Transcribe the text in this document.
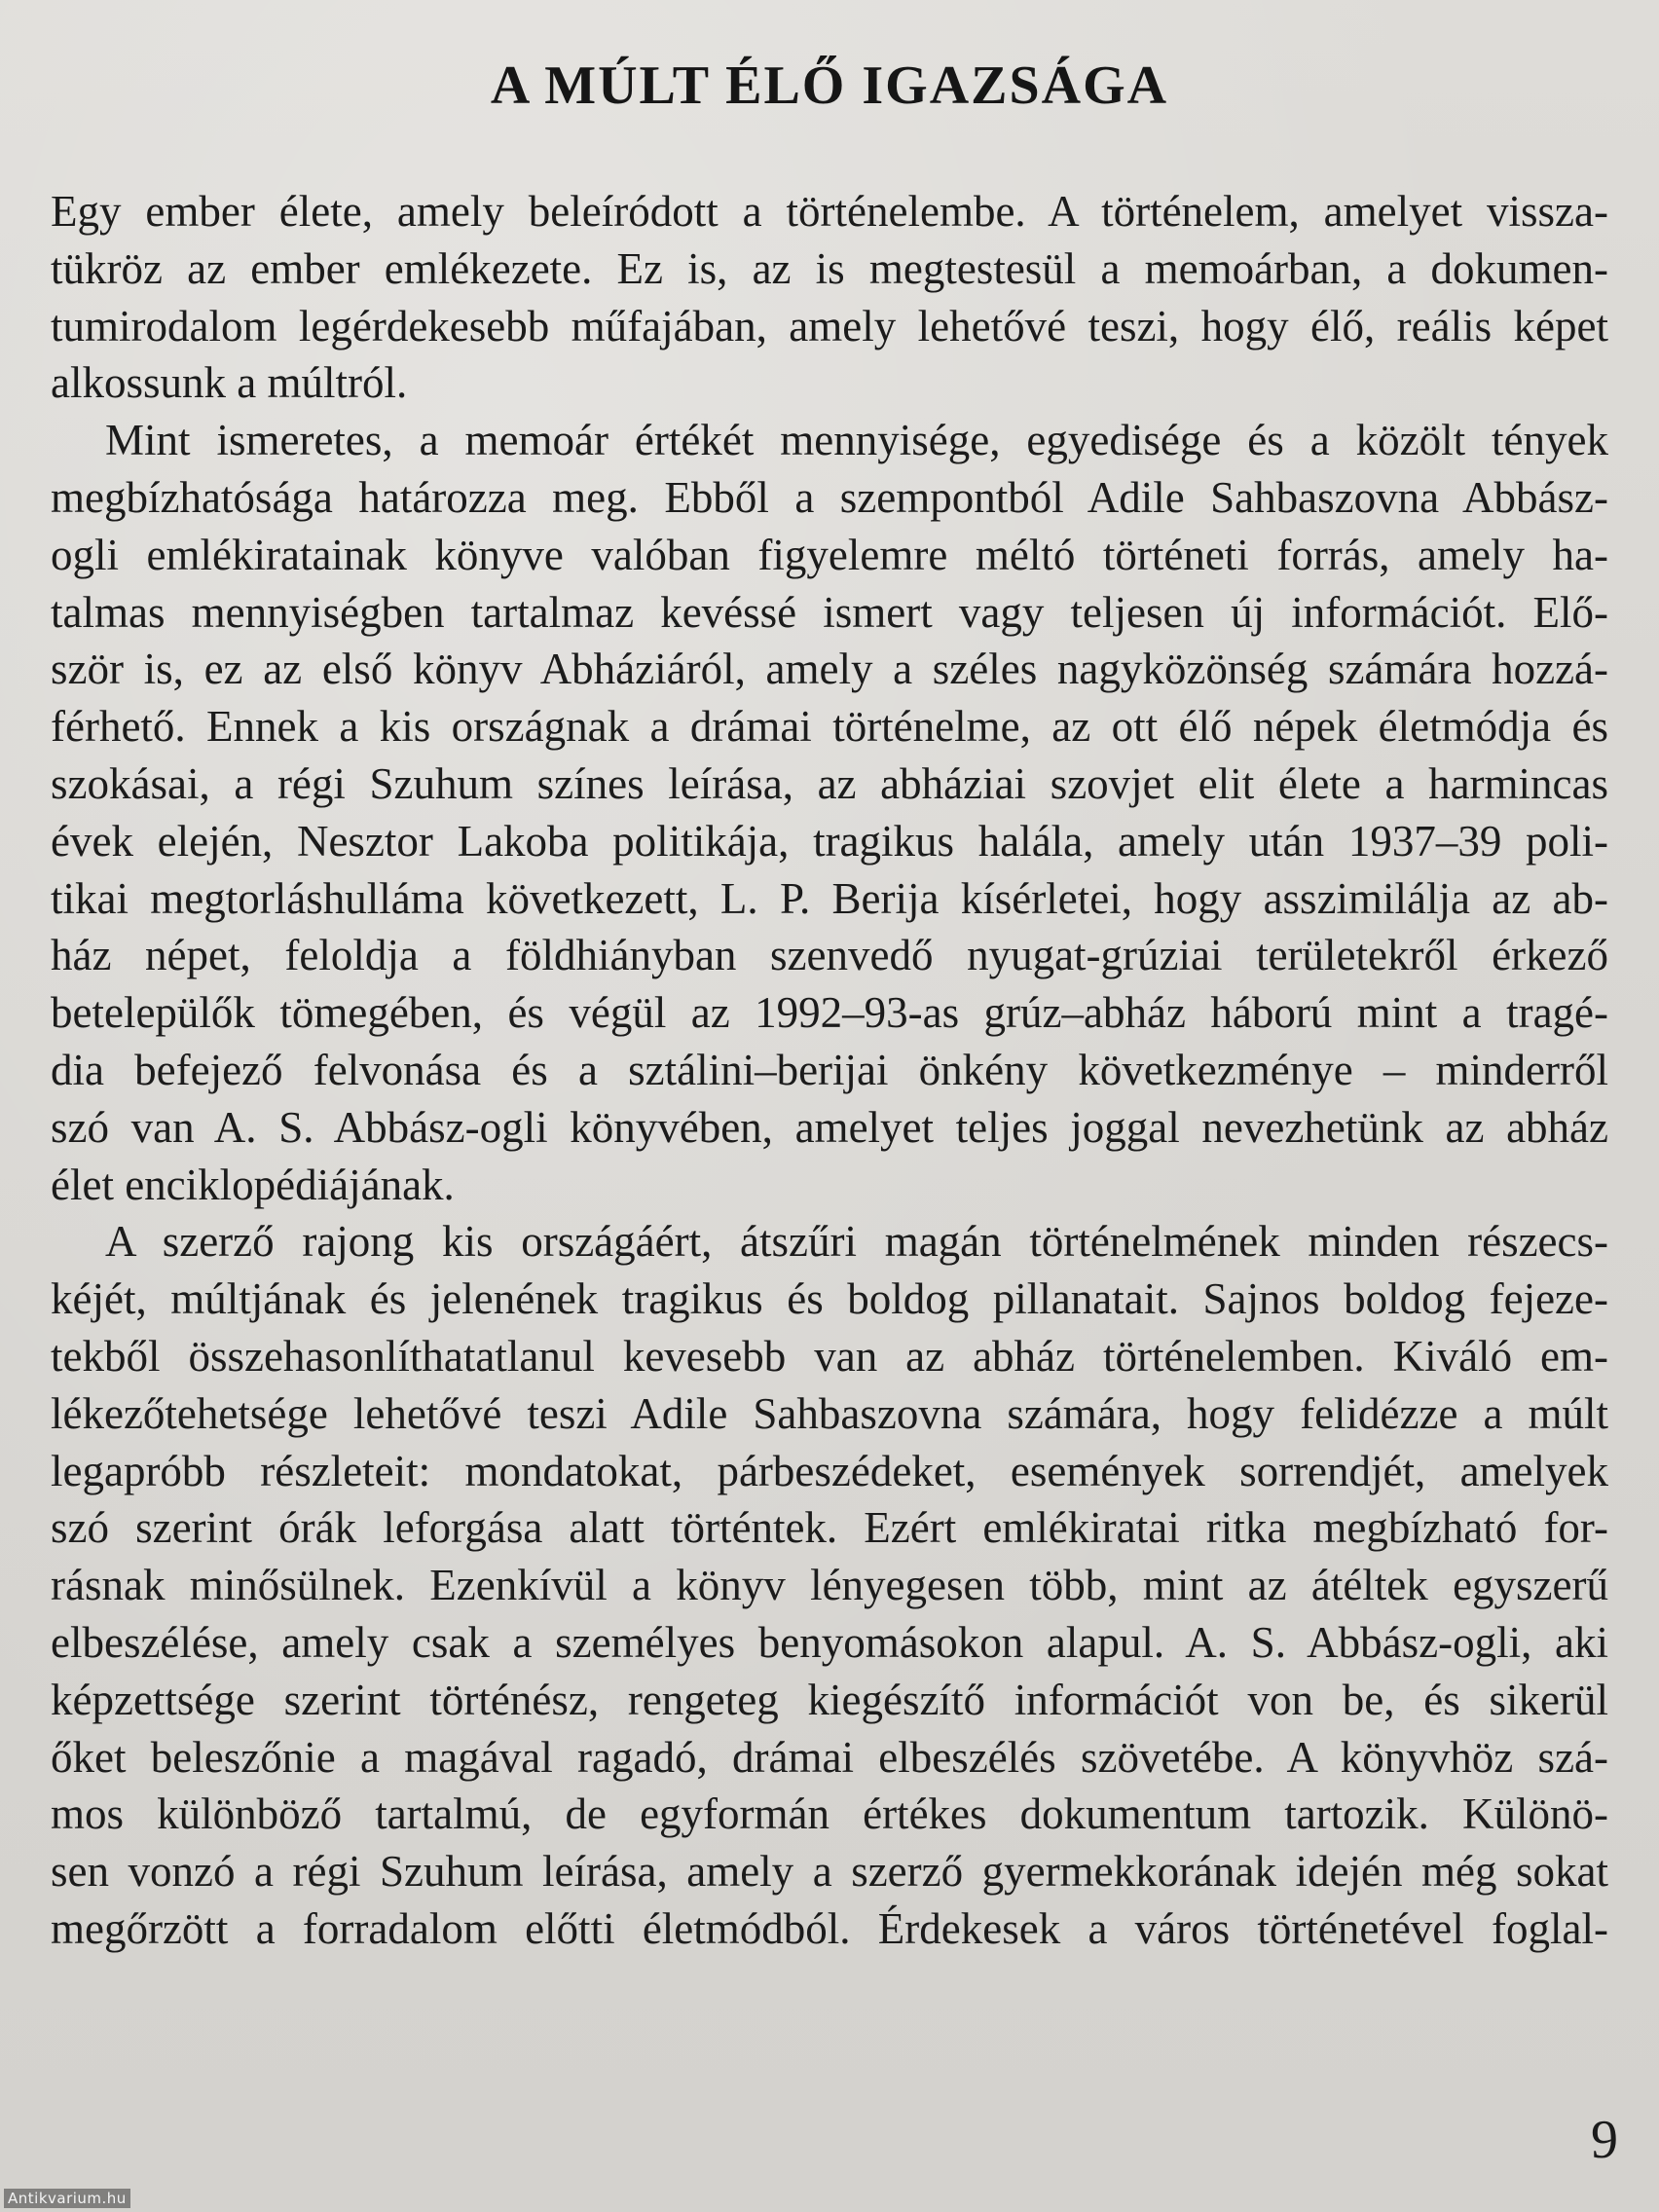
A MÚLT ÉLŐ IGAZSÁGA
Egy ember élete, amely beleíródott a történelembe. A történelem, amelyet vissza-
tükröz az ember emlékezete. Ez is, az is megtestesül a memoárban, a dokumen-
tumirodalom legérdekesebb műfajában, amely lehetővé teszi, hogy élő, reális képet
alkossunk a múltról.
Mint ismeretes, a memoár értékét mennyisége, egyedisége és a közölt tények
megbízhatósága határozza meg. Ebből a szempontból Adile Sahbaszovna Abbász-
ogli emlékiratainak könyve valóban figyelemre méltó történeti forrás, amely ha-
talmas mennyiségben tartalmaz kevéssé ismert vagy teljesen új információt. Elő-
ször is, ez az első könyv Abháziáról, amely a széles nagyközönség számára hozzá-
férhető. Ennek a kis országnak a drámai történelme, az ott élő népek életmódja és
szokásai, a régi Szuhum színes leírása, az abháziai szovjet elit élete a harmincas
évek elején, Nesztor Lakoba politikája, tragikus halála, amely után 1937–39 poli-
tikai megtorláshulláma következett, L. P. Berija kísérletei, hogy asszimilálja az ab-
ház népet, feloldja a földhiányban szenvedő nyugat-grúziai területekről érkező
betelepülők tömegében, és végül az 1992–93-as grúz–abház háború mint a tragé-
dia befejező felvonása és a sztálini–berijai önkény következménye – minderről
szó van A. S. Abbász-ogli könyvében, amelyet teljes joggal nevezhetünk az abház
élet enciklopédiájának.
A szerző rajong kis országáért, átszűri magán történelmének minden részecs-
kéjét, múltjának és jelenének tragikus és boldog pillanatait. Sajnos boldog fejeze-
tekből összehasonlíthatatlanul kevesebb van az abház történelemben. Kiváló em-
lékezőtehetsége lehetővé teszi Adile Sahbaszovna számára, hogy felidézze a múlt
legapróbb részleteit: mondatokat, párbeszédeket, események sorrendjét, amelyek
szó szerint órák leforgása alatt történtek. Ezért emlékiratai ritka megbízható for-
rásnak minősülnek. Ezenkívül a könyv lényegesen több, mint az átéltek egyszerű
elbeszélése, amely csak a személyes benyomásokon alapul. A. S. Abbász-ogli, aki
képzettsége szerint történész, rengeteg kiegészítő információt von be, és sikerül
őket beleszőnie a magával ragadó, drámai elbeszélés szövetébe. A könyvhöz szá-
mos különböző tartalmú, de egyformán értékes dokumentum tartozik. Különö-
sen vonzó a régi Szuhum leírása, amely a szerző gyermekkorának idején még sokat
megőrzött a forradalom előtti életmódból. Érdekesek a város történetével foglal-
9
Antikvarium.hu
